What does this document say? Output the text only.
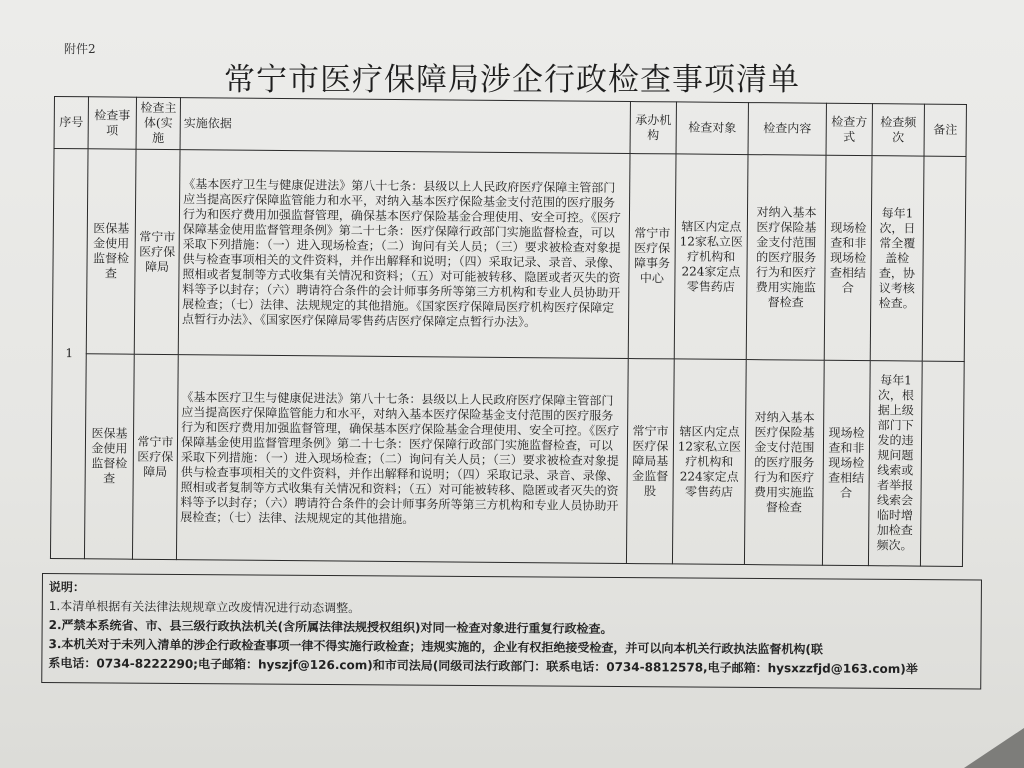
附件2
常宁市医疗保障局涉企行政检查事项清单
序号	检查事项	检查主体(实施	实施依据	承办机构	检查对象	检查内容	检查方式	检查频次	备注
1	医保基金使用监督检查	常宁市医疗保障局	《基本医疗卫生与健康促进法》第八十七条：县级以上人民政府医疗保障主管部门应当提高医疗保障监管能力和水平，对纳入基本医疗保险基金支付范围的医疗服务行为和医疗费用加强监督管理，确保基本医疗保险基金合理使用、安全可控。《医疗保障基金使用监督管理条例》第二十七条：医疗保障行政部门实施监督检查，可以采取下列措施：（一）进入现场检查；（二）询问有关人员；（三）要求被检查对象提供与检查事项相关的文件资料，并作出解释和说明；（四）采取记录、录音、录像、照相或者复制等方式收集有关情况和资料；（五）对可能被转移、隐匿或者灭失的资料等予以封存；（六）聘请符合条件的会计师事务所等第三方机构和专业人员协助开展检查；（七）法律、法规规定的其他措施。《国家医疗保障局医疗机构医疗保障定点暂行办法》、《国家医疗保障局零售药店医疗保障定点暂行办法》。	常宁市医疗保障事务中心	辖区内定点12家私立医疗机构和224家定点零售药店	对纳入基本医疗保险基金支付范围的医疗服务行为和医疗费用实施监督检查	现场检查和非现场检查相结合	每年1次，日常全覆盖检查，协议考核检查。	
	医保基金使用监督检查	常宁市医疗保障局	《基本医疗卫生与健康促进法》第八十七条：县级以上人民政府医疗保障主管部门应当提高医疗保障监管能力和水平，对纳入基本医疗保险基金支付范围的医疗服务行为和医疗费用加强监督管理，确保基本医疗保险基金合理使用、安全可控。《医疗保障基金使用监督管理条例》第二十七条：医疗保障行政部门实施监督检查，可以采取下列措施：（一）进入现场检查；（二）询问有关人员；（三）要求被检查对象提供与检查事项相关的文件资料，并作出解释和说明；（四）采取记录、录音、录像、照相或者复制等方式收集有关情况和资料；（五）对可能被转移、隐匿或者灭失的资料等予以封存；（六）聘请符合条件的会计师事务所等第三方机构和专业人员协助开展检查；（七）法律、法规规定的其他措施。	常宁市医疗保障局基金监督股	辖区内定点12家私立医疗机构和224家定点零售药店	对纳入基本医疗保险基金支付范围的医疗服务行为和医疗费用实施监督检查	现场检查和非现场检查相结合	每年1次，根据上级部门下发的违规问题线索或者举报线索会临时增加检查频次。	
说明：
1.本清单根据有关法律法规规章立改废情况进行动态调整。
2.严禁本系统省、市、县三级行政执法机关(含所属法律法规授权组织)对同一检查对象进行重复行政检查。
3.本机关对于未列入清单的涉企行政检查事项一律不得实施行政检查；违规实施的，企业有权拒绝接受检查，并可以向本机关行政执法监督机构(联
系电话：0734-8222290;电子邮箱：hyszjf@126.com)和市司法局(同级司法行政部门：联系电话：0734-8812578,电子邮箱：hysxzzfjd@163.com)举
